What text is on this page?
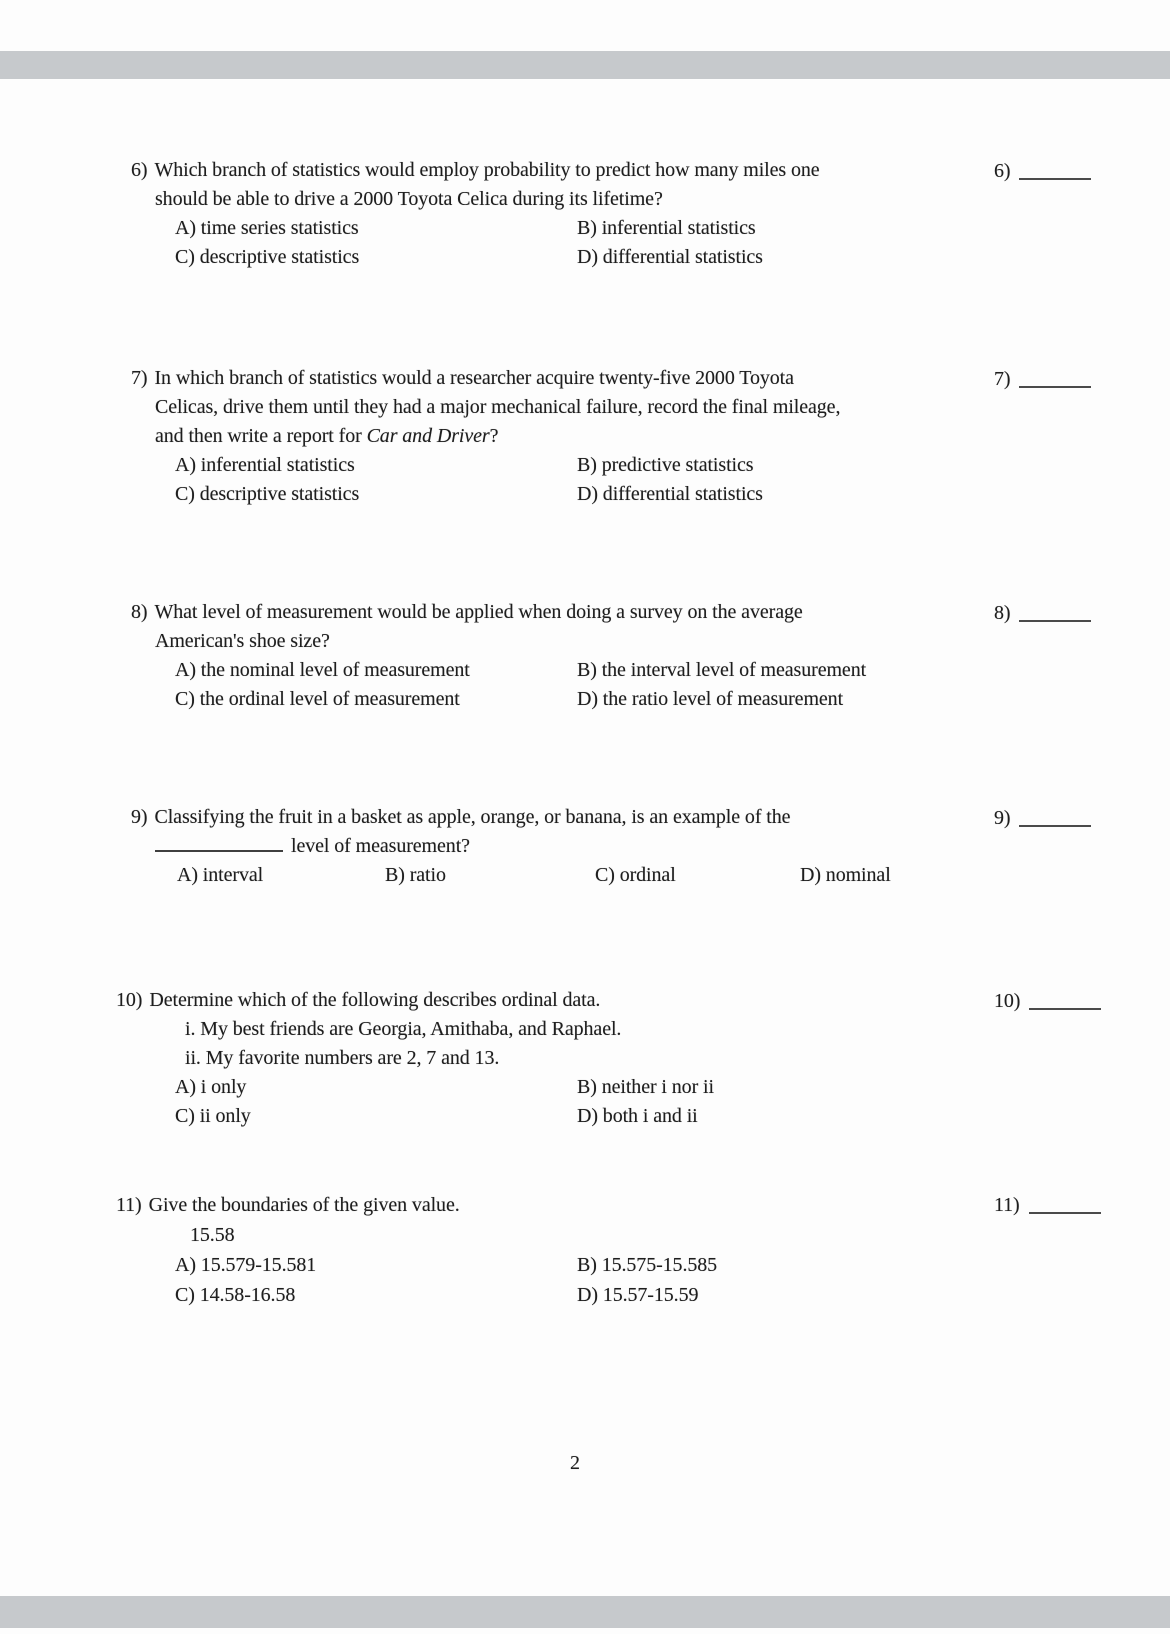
6) Which branch of statistics would employ probability to predict how many miles one
should be able to drive a 2000 Toyota Celica during its lifetime?
A) time series statistics	B) inferential statistics
C) descriptive statistics	D) differential statistics
6)
7) In which branch of statistics would a researcher acquire twenty-five 2000 Toyota
Celicas, drive them until they had a major mechanical failure, record the final mileage,
and then write a report for Car and Driver?
A) inferential statistics	B) predictive statistics
C) descriptive statistics	D) differential statistics
7)
8) What level of measurement would be applied when doing a survey on the average
American's shoe size?
A) the nominal level of measurement	B) the interval level of measurement
C) the ordinal level of measurement	D) the ratio level of measurement
8)
9) Classifying the fruit in a basket as apple, orange, or banana, is an example of the
level of measurement?
A) interval	B) ratio	C) ordinal	D) nominal
9)
10) Determine which of the following describes ordinal data.
i. My best friends are Georgia, Amithaba, and Raphael.
ii. My favorite numbers are 2, 7 and 13.
A) i only	B) neither i nor ii
C) ii only	D) both i and ii
10)
11) Give the boundaries of the given value.
15.58
A) 15.579-15.581	B) 15.575-15.585
C) 14.58-16.58	D) 15.57-15.59
11)
2
